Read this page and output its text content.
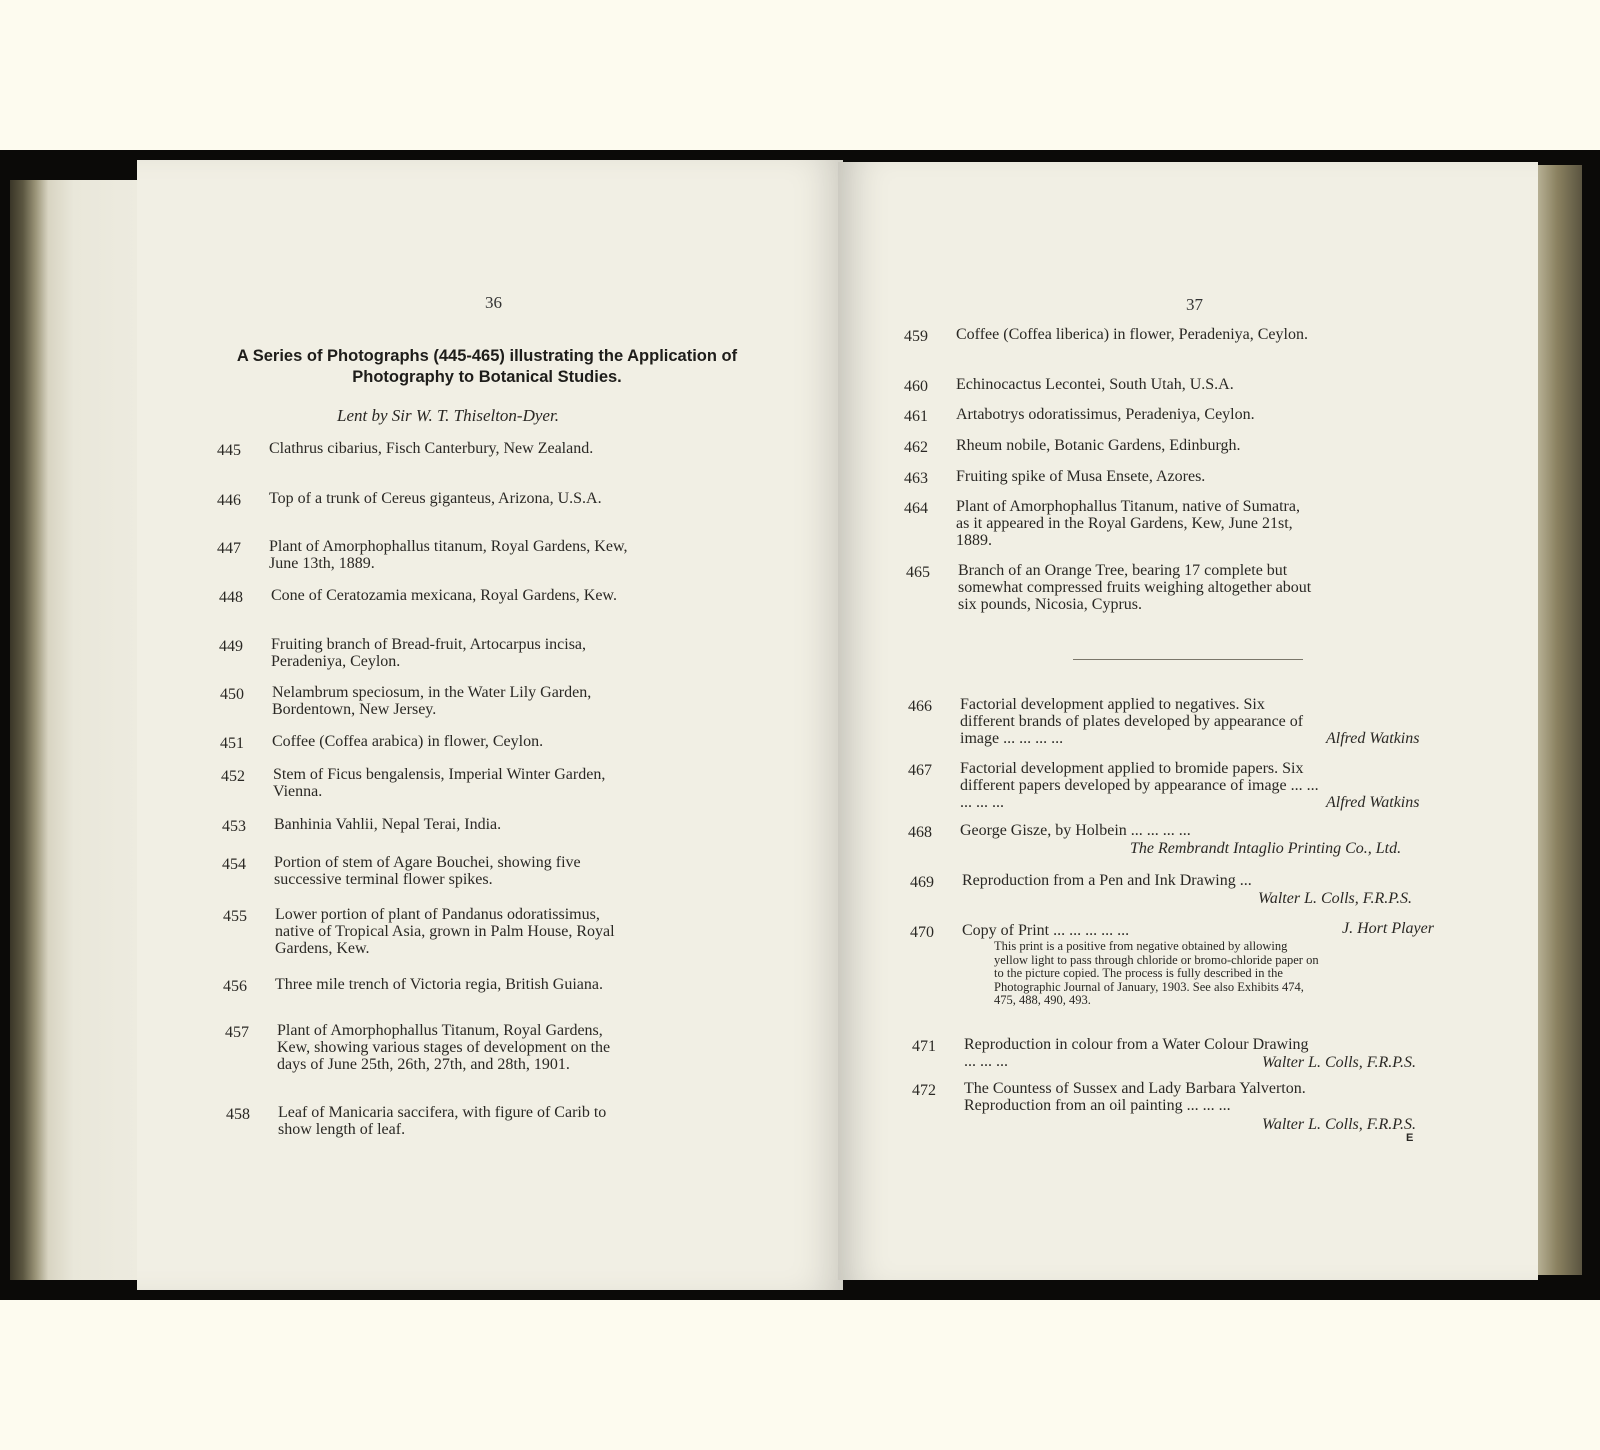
36
A Series of Photographs (445-465) illustrating the Application of Photography to Botanical Studies.
Lent by Sir W. T. Thiselton-Dyer.
445	Clathrus cibarius, Fisch Canterbury, New Zealand.
446	Top of a trunk of Cereus giganteus, Arizona, U.S.A.
447	Plant of Amorphophallus titanum, Royal Gardens, Kew, June 13th, 1889.
448	Cone of Ceratozamia mexicana, Royal Gardens, Kew.
449	Fruiting branch of Bread-fruit, Artocarpus incisa, Peradeniya, Ceylon.
450	Nelambrum speciosum, in the Water Lily Garden, Bordentown, New Jersey.
451	Coffee (Coffea arabica) in flower, Ceylon.
452	Stem of Ficus bengalensis, Imperial Winter Garden, Vienna.
453	Banhinia Vahlii, Nepal Terai, India.
454	Portion of stem of Agare Bouchei, showing five successive terminal flower spikes.
455	Lower portion of plant of Pandanus odoratissimus, native of Tropical Asia, grown in Palm House, Royal Gardens, Kew.
456	Three mile trench of Victoria regia, British Guiana.
457	Plant of Amorphophallus Titanum, Royal Gardens, Kew, showing various stages of development on the days of June 25th, 26th, 27th, and 28th, 1901.
458	Leaf of Manicaria saccifera, with figure of Carib to show length of leaf.
37
459	Coffee (Coffea liberica) in flower, Peradeniya, Ceylon.
460	Echinocactus Lecontei, South Utah, U.S.A.
461	Artabotrys odoratissimus, Peradeniya, Ceylon.
462	Rheum nobile, Botanic Gardens, Edinburgh.
463	Fruiting spike of Musa Ensete, Azores.
464	Plant of Amorphophallus Titanum, native of Sumatra, as it appeared in the Royal Gardens, Kew, June 21st, 1889.
465	Branch of an Orange Tree, bearing 17 complete but somewhat compressed fruits weighing altogether about six pounds, Nicosia, Cyprus.
466	Factorial development applied to negatives. Six different brands of plates developed by appearance of image ... ... ... ...	Alfred Watkins
467	Factorial development applied to bromide papers. Six different papers developed by appearance of image ... ... ... ... ...	Alfred Watkins
468	George Gisze, by Holbein ... ... ... ...
The Rembrandt Intaglio Printing Co., Ltd.
469	Reproduction from a Pen and Ink Drawing ...
Walter L. Colls, F.R.P.S.
470	Copy of Print ... ... ... ... ...	J. Hort Player
This print is a positive from negative obtained by allowing yellow light to pass through chloride or bromo-chloride paper on to the picture copied. The process is fully described in the Photographic Journal of January, 1903. See also Exhibits 474, 475, 488, 490, 493.
471	Reproduction in colour from a Water Colour Drawing ... ... ...	Walter L. Colls, F.R.P.S.
472	The Countess of Sussex and Lady Barbara Yalverton. Reproduction from an oil painting ... ... ...
Walter L. Colls, F.R.P.S.
E
